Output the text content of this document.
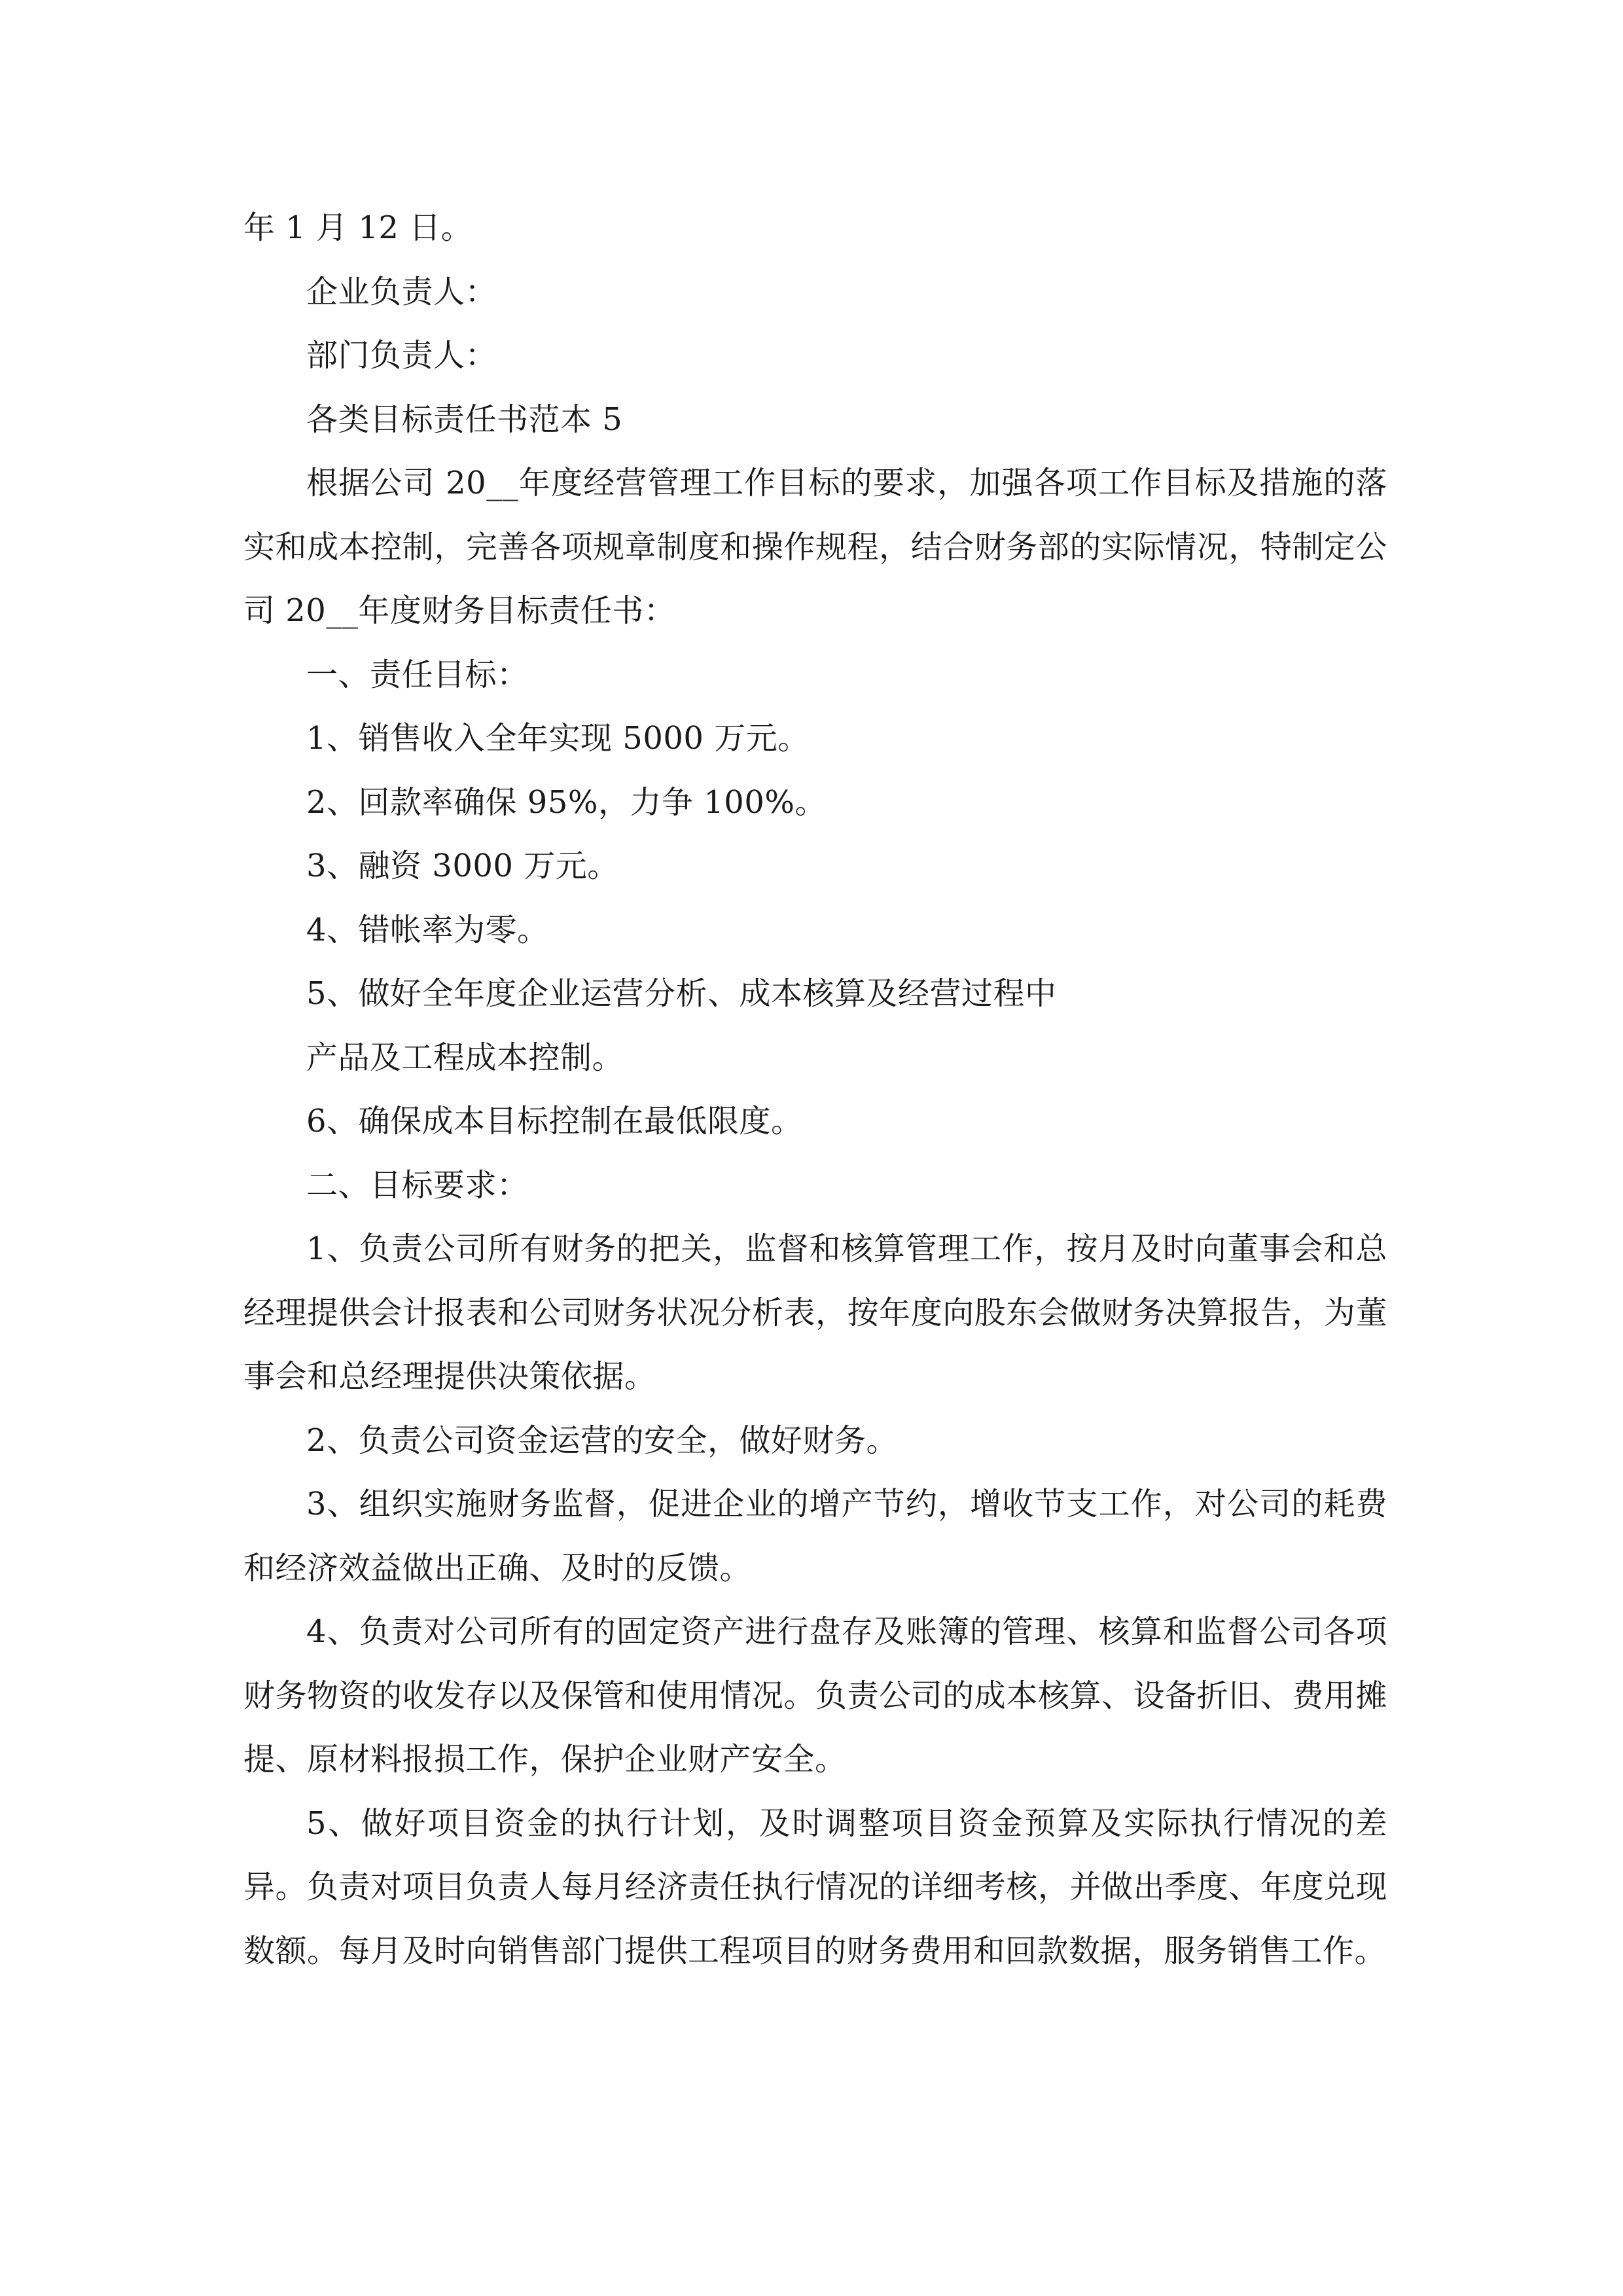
年 1 月 12 日。

企业负责人：

部门负责人：

各类目标责任书范本 5

根据公司 20__年度经营管理工作目标的要求，加强各项工作目标及措施的落实和成本控制，完善各项规章制度和操作规程，结合财务部的实际情况，特制定公司 20__年度财务目标责任书：

一、责任目标：

1、销售收入全年实现 5000 万元。

2、回款率确保 95%，力争 100%。

3、融资 3000 万元。

4、错帐率为零。

5、做好全年度企业运营分析、成本核算及经营过程中

产品及工程成本控制。

6、确保成本目标控制在最低限度。

二、目标要求：

1、负责公司所有财务的把关，监督和核算管理工作，按月及时向董事会和总经理提供会计报表和公司财务状况分析表，按年度向股东会做财务决算报告，为董事会和总经理提供决策依据。

2、负责公司资金运营的安全，做好财务。

3、组织实施财务监督，促进企业的增产节约，增收节支工作，对公司的耗费和经济效益做出正确、及时的反馈。

4、负责对公司所有的固定资产进行盘存及账簿的管理、核算和监督公司各项财务物资的收发存以及保管和使用情况。负责公司的成本核算、设备折旧、费用摊提、原材料报损工作，保护企业财产安全。

5、做好项目资金的执行计划，及时调整项目资金预算及实际执行情况的差异。负责对项目负责人每月经济责任执行情况的详细考核，并做出季度、年度兑现数额。每月及时向销售部门提供工程项目的财务费用和回款数据，服务销售工作。
